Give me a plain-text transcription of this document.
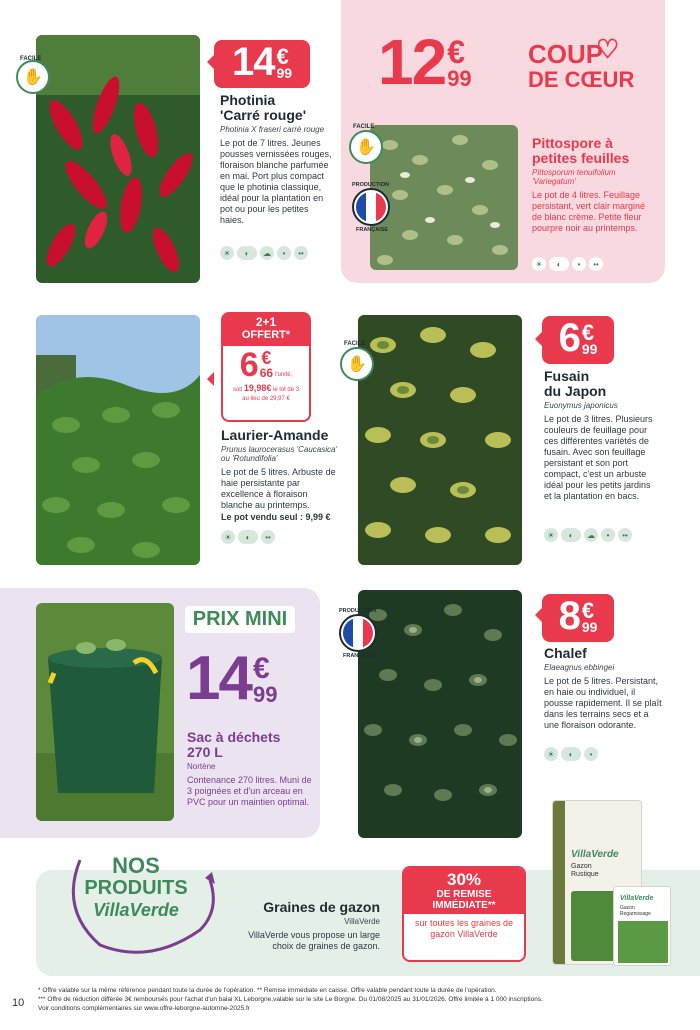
✋
FACILE	14 €
99
Photinia
'Carré rouge'
Photinia X fraseri carré rouge
Le pot de 7 litres. Jeunes pousses vernissées rouges, floraison blanche parfumée en mai. Port plus compact que le photinia classique, idéal pour la plantation en pot ou pour les petites haies.
☀	◐	☁	•	••
12 €
99
COUP
DE CŒUR
♡
✋
FACILE
PRODUCTION
FRANÇAISE
Pittospore à
petites feuilles
Pittosporum tenuifolium
'Variegatum'
Le pot de 4 litres. Feuillage persistant, vert clair marginé de blanc crème. Petite fleur pourpre noir au printemps.
☀	◐	•	••
2+1
OFFERT*
6 €
66 l'unité,
soit 19,98€ le lot de 3
au lieu de 29,97 €
Laurier-Amande
Prunus laurocerasus 'Caucasica'
ou 'Rotundifolia'
Le pot de 5 litres. Arbuste de haie persistante par excellence à floraison blanche au printemps.
Le pot vendu seul : 9,99 €
☀	◐	••
✋
FACILE	6 €
99
Fusain
du Japon
Euonymus japonicus
Le pot de 3 litres. Plusieurs couleurs de feuillage pour ces différentes variétés de fusain. Avec son feuillage persistant et son port compact, c'est un arbuste idéal pour les petits jardins et la plantation en bacs.
☀	◐	☁	•	••
PRIX MINI
14 €
99
Sac à déchets
270 L
Nortène
Contenance 270 litres. Muni de 3 poignées et d'un arceau en PVC pour un maintien optimal.
PRODUCTION
FRANÇAISE
8 €
99
Chalef
Elaeagnus ebbingei
Le pot de 5 litres. Persistant, en haie ou individuel, il pousse rapidement. Il se plaît dans les terrains secs et a une floraison odorante.
☀	◐	•
NOS
PRODUITS
VillaVerde	Graines de gazon
VillaVerde
VillaVerde vous propose un large choix de graines de gazon.
30%
DE REMISE
IMMÉDIATE**
sur toutes les graines de gazon VillaVerde
VillaVerde
Gazon
Rustique
VillaVerde
Gazon
Regarnissage
10
* Offre valable sur la même référence pendant toute la durée de l'opération. ** Remise immédiate en caisse. Offre valable pendant toute la durée de l'opération.
*** Offre de réduction différée 3€ remboursés pour l'achat d'un balai XL Leborgne,valable sur le site Le Borgne. Du 01/08/2025 au 31/01/2026. Offre limitée à 1 000 inscriptions.
Voir conditions complémentaires sur www.offre-leborgne-automne-2025.fr
